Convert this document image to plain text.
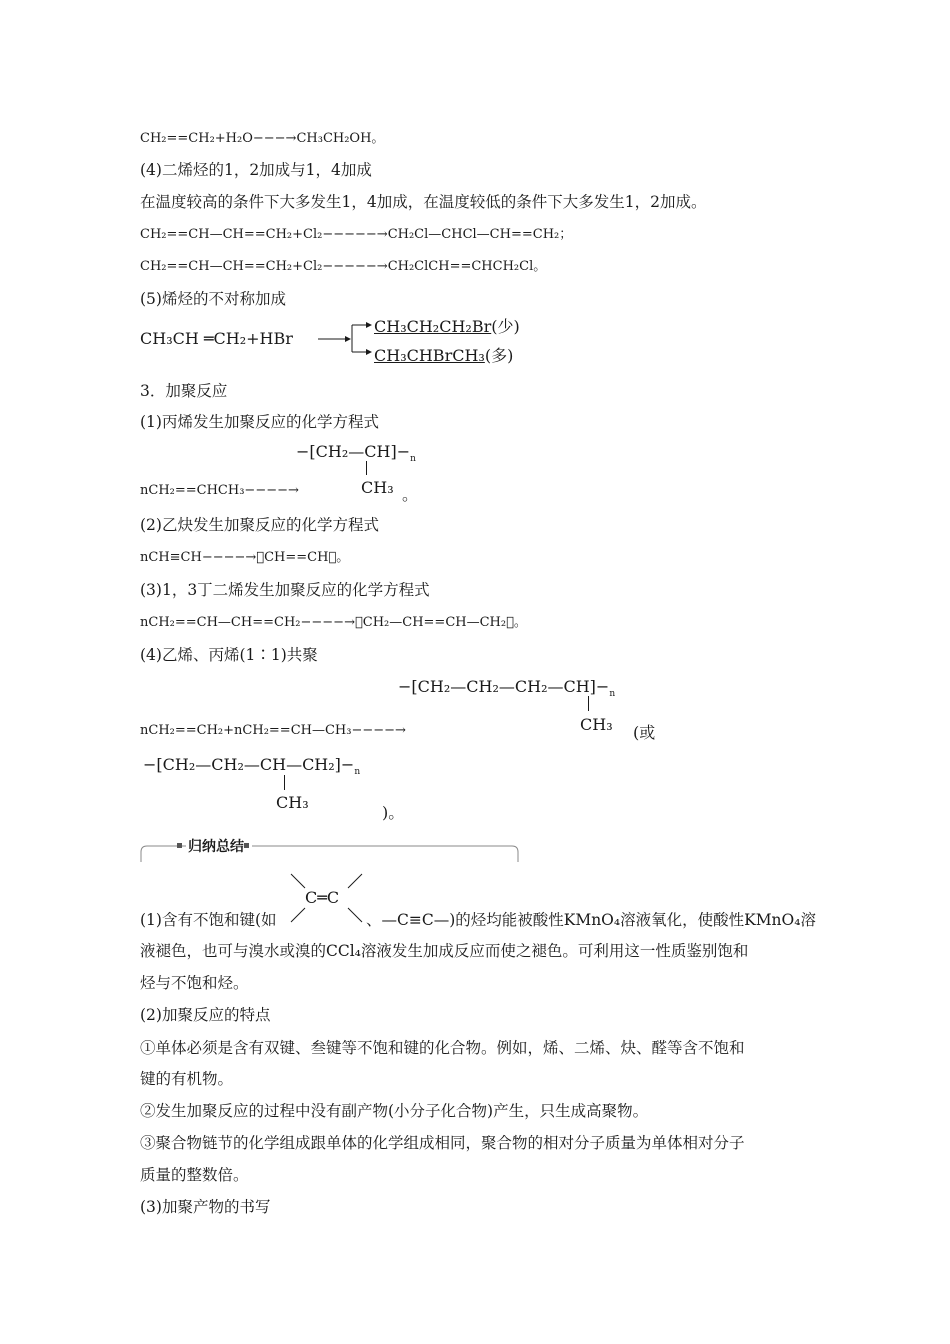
CH₂==CH₂+H₂O−−−→CH₃CH₂OH。
(4)二烯烃的1，2加成与1，4加成
在温度较高的条件下大多发生1，4加成，在温度较低的条件下大多发生1，2加成。
CH₂==CH—CH==CH₂+Cl₂−−−−−→CH₂Cl—CHCl—CH==CH₂；
CH₂==CH—CH==CH₂+Cl₂−−−−−→CH₂ClCH==CHCH₂Cl。
(5)烯烃的不对称加成
CH₃CH ═CH₂+HBr
CH₃CH₂CH₂Br(少)
CH₃CHBrCH₃(多)
3．加聚反应
(1)丙烯发生加聚反应的化学方程式
$-[CH_2—CH]-_n$
CH₃
nCH₂==CHCH₃−−−−→	。
(2)乙炔发生加聚反应的化学方程式
nCH≡CH−−−−→􀰷CH==CH􀰹。
(3)1，3丁二烯发生加聚反应的化学方程式
nCH₂==CH—CH==CH₂−−−−→􀰷CH₂—CH==CH—CH₂􀰹。
(4)乙烯、丙烯(1∶1)共聚
$-[CH_2—CH_2—CH_2—CH]-_n$
CH₃
nCH₂==CH₂+nCH₂==CH—CH₃−−−−→	(或
$-[CH_2—CH_2—CH—CH_2]-_n$
CH₃
)。
归纳总结
C═C
(1)含有不饱和键(如	、—C≡C—)的烃均能被酸性KMnO₄溶液氧化，使酸性KMnO₄溶
液褪色，也可与溴水或溴的CCl₄溶液发生加成反应而使之褪色。可利用这一性质鉴别饱和
烃与不饱和烃。
(2)加聚反应的特点
①单体必须是含有双键、叁键等不饱和键的化合物。例如，烯、二烯、炔、醛等含不饱和
键的有机物。
②发生加聚反应的过程中没有副产物(小分子化合物)产生，只生成高聚物。
③聚合物链节的化学组成跟单体的化学组成相同，聚合物的相对分子质量为单体相对分子
质量的整数倍。
(3)加聚产物的书写
